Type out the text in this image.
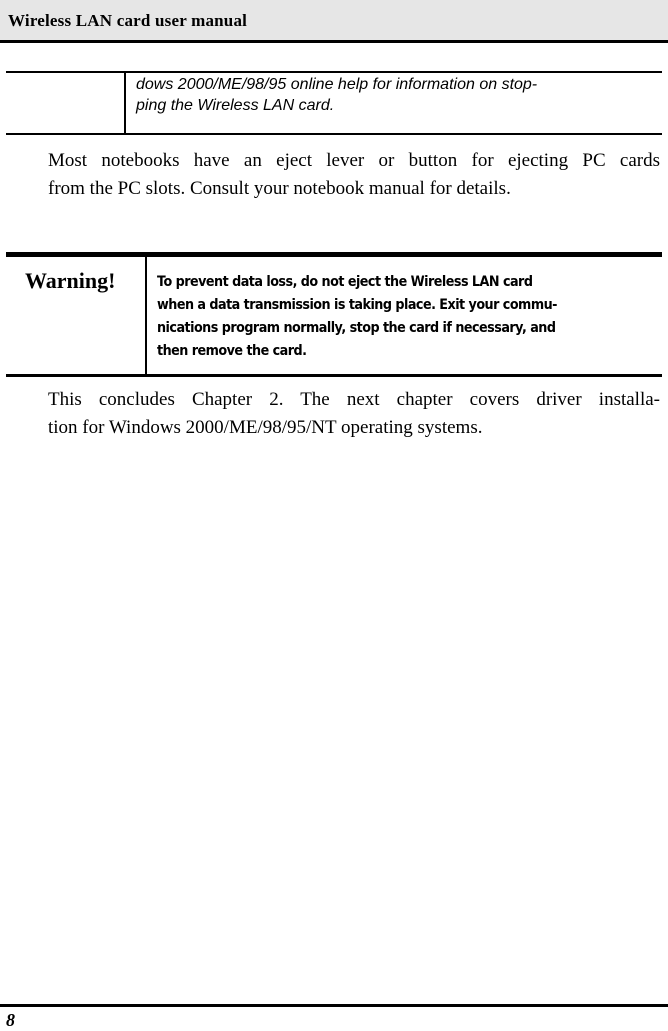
Wireless LAN card user manual
dows 2000/ME/98/95 online help for information on stop-
ping the Wireless LAN card.
Most notebooks have an eject lever or button for ejecting PC cards
from the PC slots. Consult your notebook manual for details.
Warning!	To prevent data loss, do not eject the Wireless LAN card
when a data transmission is taking place. Exit your commu-
nications program normally, stop the card if necessary, and
then remove the card.
This concludes Chapter 2. The next chapter covers driver installa-
tion for Windows 2000/ME/98/95/NT operating systems.
8
